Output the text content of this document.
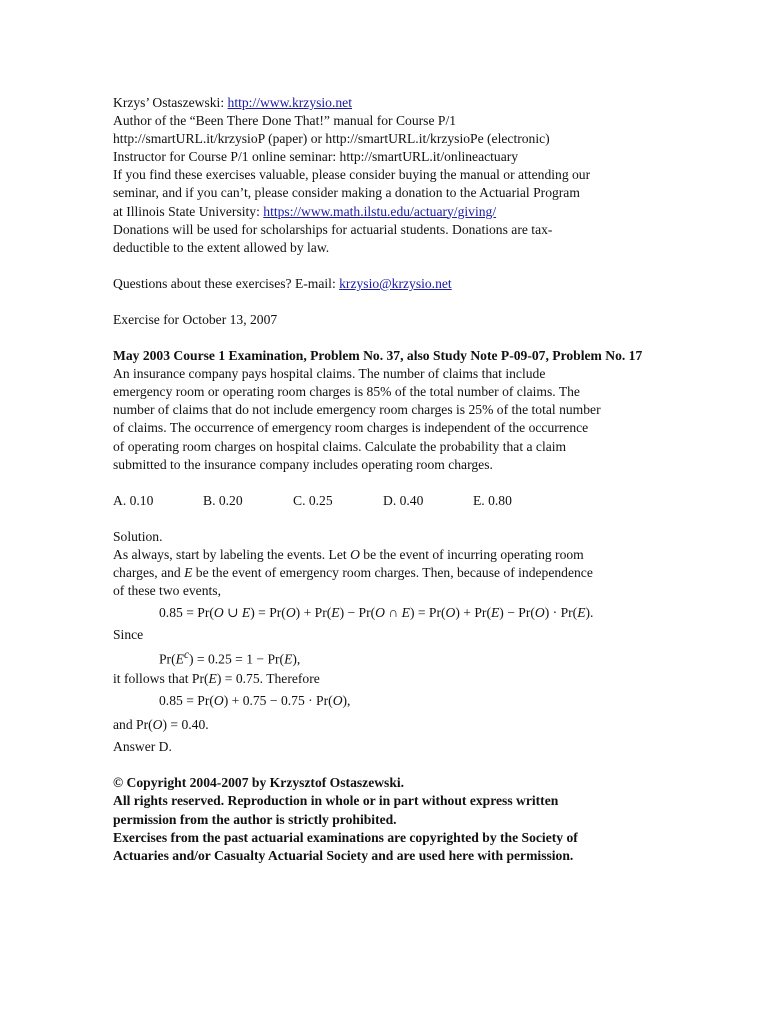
Krzys’ Ostaszewski: http://www.krzysio.net
Author of the “Been There Done That!” manual for Course P/1
http://smartURL.it/krzysioP (paper) or http://smartURL.it/krzysioPe (electronic)
Instructor for Course P/1 online seminar: http://smartURL.it/onlineactuary
If you find these exercises valuable, please consider buying the manual or attending our
seminar, and if you can’t, please consider making a donation to the Actuarial Program
at Illinois State University: https://www.math.ilstu.edu/actuary/giving/
Donations will be used for scholarships for actuarial students. Donations are tax-
deductible to the extent allowed by law.
Questions about these exercises? E-mail: krzysio@krzysio.net
Exercise for October 13, 2007
May 2003 Course 1 Examination, Problem No. 37, also Study Note P-09-07, Problem No. 17
An insurance company pays hospital claims. The number of claims that include
emergency room or operating room charges is 85% of the total number of claims. The
number of claims that do not include emergency room charges is 25% of the total number
of claims. The occurrence of emergency room charges is independent of the occurrence
of operating room charges on hospital claims. Calculate the probability that a claim
submitted to the insurance company includes operating room charges.
A. 0.10	B. 0.20	C. 0.25	D. 0.40	E. 0.80
Solution.
As always, start by labeling the events. Let O be the event of incurring operating room
charges, and E be the event of emergency room charges. Then, because of independence
of these two events,
0.85 = Pr(O ∪ E) = Pr(O) + Pr(E) − Pr(O ∩ E) = Pr(O) + Pr(E) − Pr(O) · Pr(E).
Since
$Pr(E^c) = 0.25 = 1 - Pr(E)$,
it follows that Pr(E) = 0.75. Therefore
0.85 = Pr(O) + 0.75 − 0.75 · Pr(O),
and Pr(O) = 0.40.
Answer D.
© Copyright 2004-2007 by Krzysztof Ostaszewski.
All rights reserved. Reproduction in whole or in part without express written
permission from the author is strictly prohibited.
Exercises from the past actuarial examinations are copyrighted by the Society of
Actuaries and/or Casualty Actuarial Society and are used here with permission.
